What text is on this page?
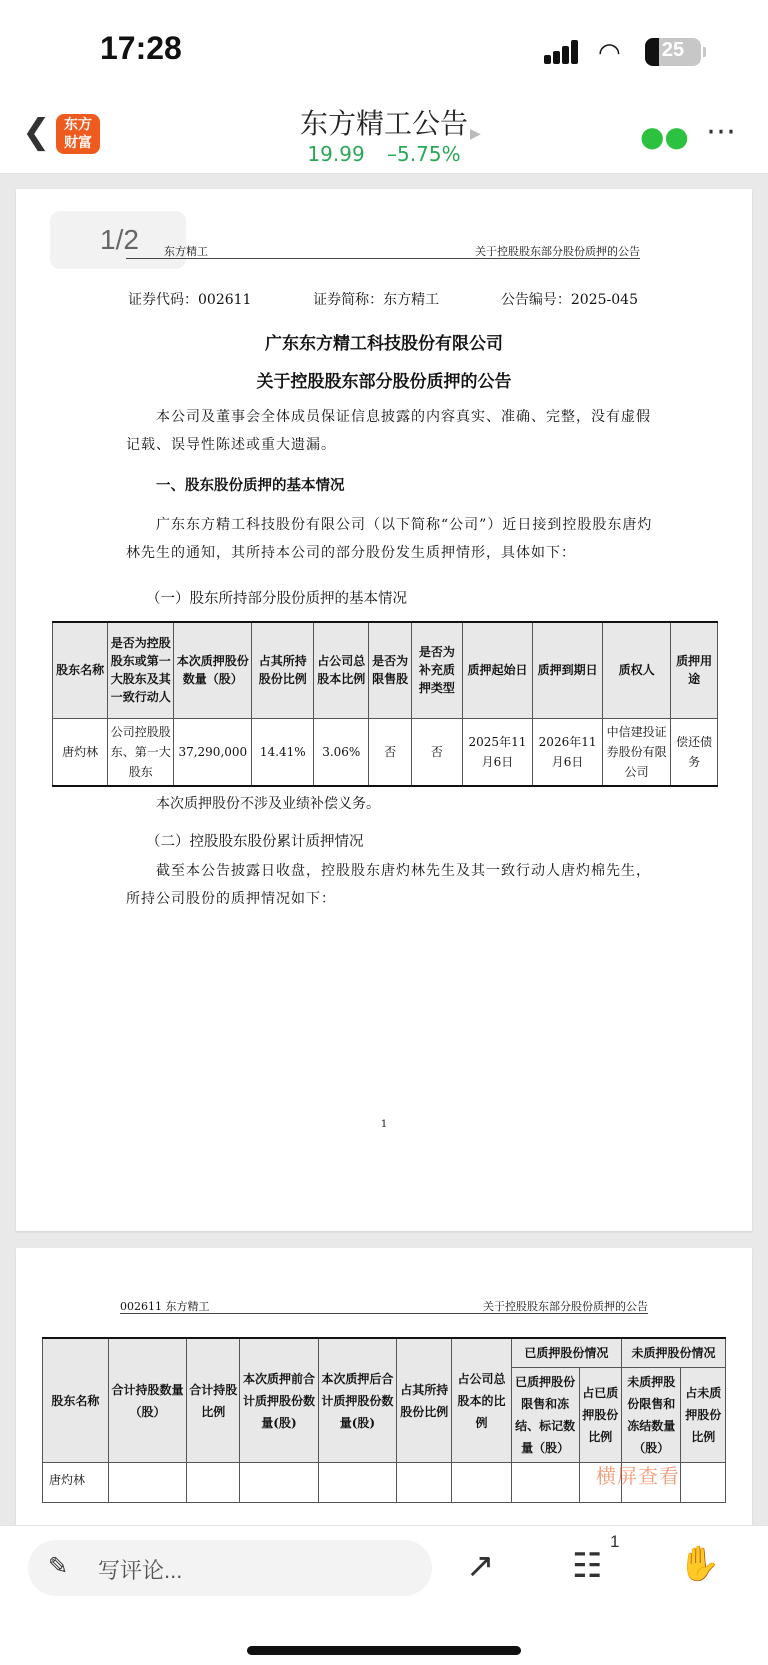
17:28	◠	25
❮ 东方
财富
东方精工公告 ▶
19.99 –5.75%
●● ⋯
1/2	东方精工	关于控股股东部分股份质押的公告
证券代码：002611	证券简称：东方精工	公告编号：2025-045
广东东方精工科技股份有限公司
关于控股股东部分股份质押的公告
本公司及董事会全体成员保证信息披露的内容真实、准确、完整，没有虚假记载、误导性陈述或重大遗漏。
一、股东股份质押的基本情况
广东东方精工科技股份有限公司（以下简称“公司”）近日接到控股股东唐灼林先生的通知，其所持本公司的部分股份发生质押情形，具体如下：
（一）股东所持部分股份质押的基本情况
股东名称	是否为控股股东或第一大股东及其一致行动人	本次质押股份数量（股）	占其所持股份比例	占公司总股本比例	是否为限售股	是否为补充质押类型	质押起始日	质押到期日	质权人	质押用途
唐灼林	公司控股股东、第一大股东	37,290,000	14.41%	3.06%	否	否	2025年11月6日	2026年11月6日	中信建投证券股份有限公司	偿还债务
本次质押股份不涉及业绩补偿义务。
（二）控股股东股份累计质押情况
截至本公告披露日收盘，控股股东唐灼林先生及其一致行动人唐灼棉先生，所持公司股份的质押情况如下：
1
002611 东方精工	关于控股股东部分股份质押的公告
股东名称	合计持股数量（股）	合计持股比例	本次质押前合计质押股份数量(股)	本次质押后合计质押股份数量(股)	占其所持股份比例	占公司总股本的比例	已质押股份情况		未质押股份情况	
							已质押股份限售和冻结、标记数量（股）	占已质押股份比例	未质押股份限售和冻结数量（股）	占未质押股份比例
唐灼林											横屏查看
✎ 写评论...	↗ ☷
1
✋
